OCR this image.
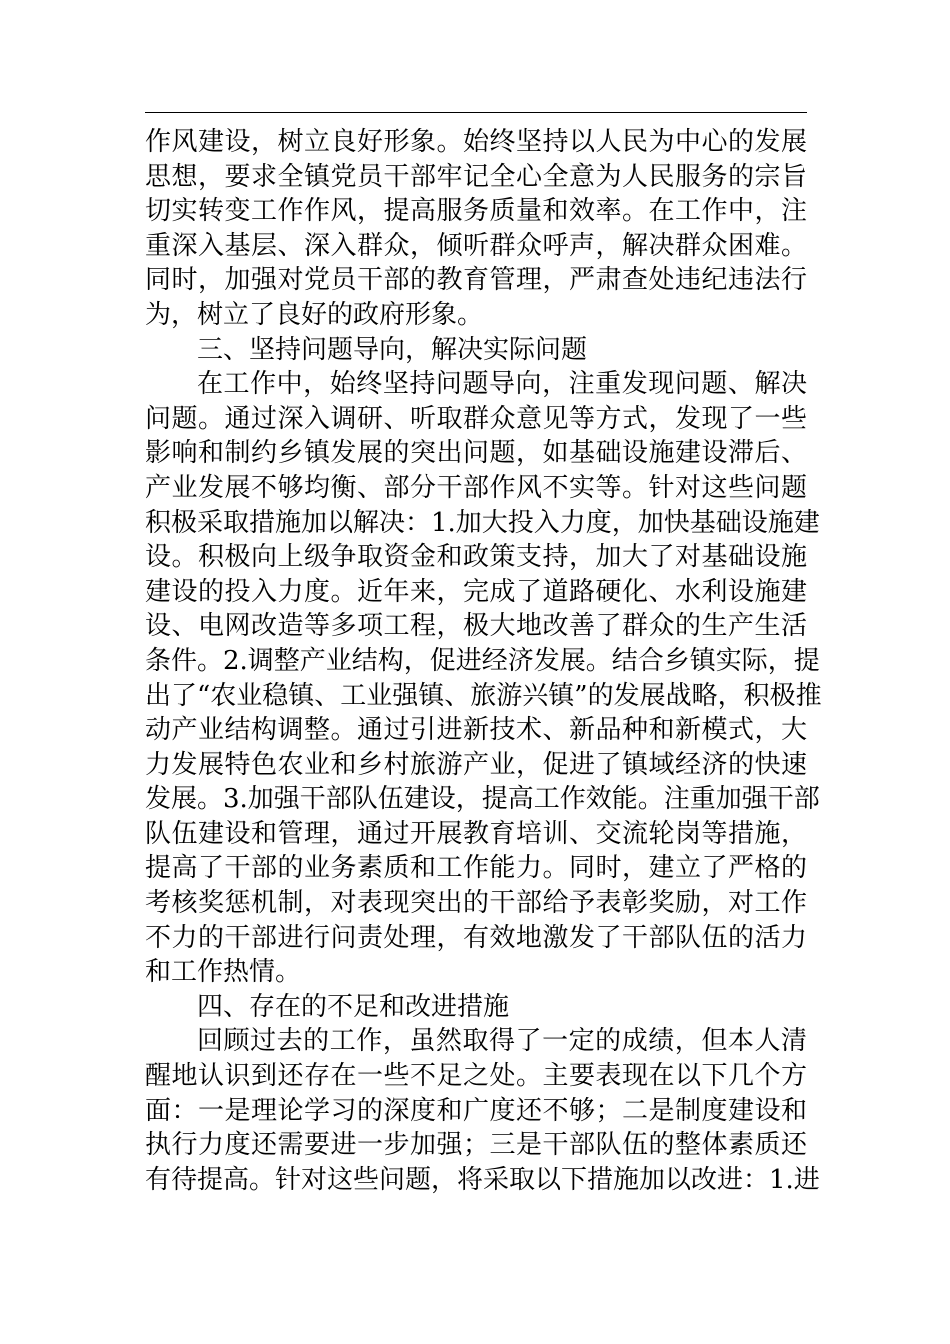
作风建设，树立良好形象。始终坚持以人民为中心的发展
思想，要求全镇党员干部牢记全心全意为人民服务的宗旨
切实转变工作作风，提高服务质量和效率。在工作中，注
重深入基层、深入群众，倾听群众呼声，解决群众困难。
同时，加强对党员干部的教育管理，严肃查处违纪违法行
为，树立了良好的政府形象。
三、坚持问题导向，解决实际问题
在工作中，始终坚持问题导向，注重发现问题、解决
问题。通过深入调研、听取群众意见等方式，发现了一些
影响和制约乡镇发展的突出问题，如基础设施建设滞后、
产业发展不够均衡、部分干部作风不实等。针对这些问题
积极采取措施加以解决：1.加大投入力度，加快基础设施建
设。积极向上级争取资金和政策支持，加大了对基础设施
建设的投入力度。近年来，完成了道路硬化、水利设施建
设、电网改造等多项工程，极大地改善了群众的生产生活
条件。2.调整产业结构，促进经济发展。结合乡镇实际，提
出了“农业稳镇、工业强镇、旅游兴镇”的发展战略，积极推
动产业结构调整。通过引进新技术、新品种和新模式，大
力发展特色农业和乡村旅游产业，促进了镇域经济的快速
发展。3.加强干部队伍建设，提高工作效能。注重加强干部
队伍建设和管理，通过开展教育培训、交流轮岗等措施，
提高了干部的业务素质和工作能力。同时，建立了严格的
考核奖惩机制，对表现突出的干部给予表彰奖励，对工作
不力的干部进行问责处理，有效地激发了干部队伍的活力
和工作热情。
四、存在的不足和改进措施
回顾过去的工作，虽然取得了一定的成绩，但本人清
醒地认识到还存在一些不足之处。主要表现在以下几个方
面：一是理论学习的深度和广度还不够；二是制度建设和
执行力度还需要进一步加强；三是干部队伍的整体素质还
有待提高。针对这些问题，将采取以下措施加以改进：1.进
